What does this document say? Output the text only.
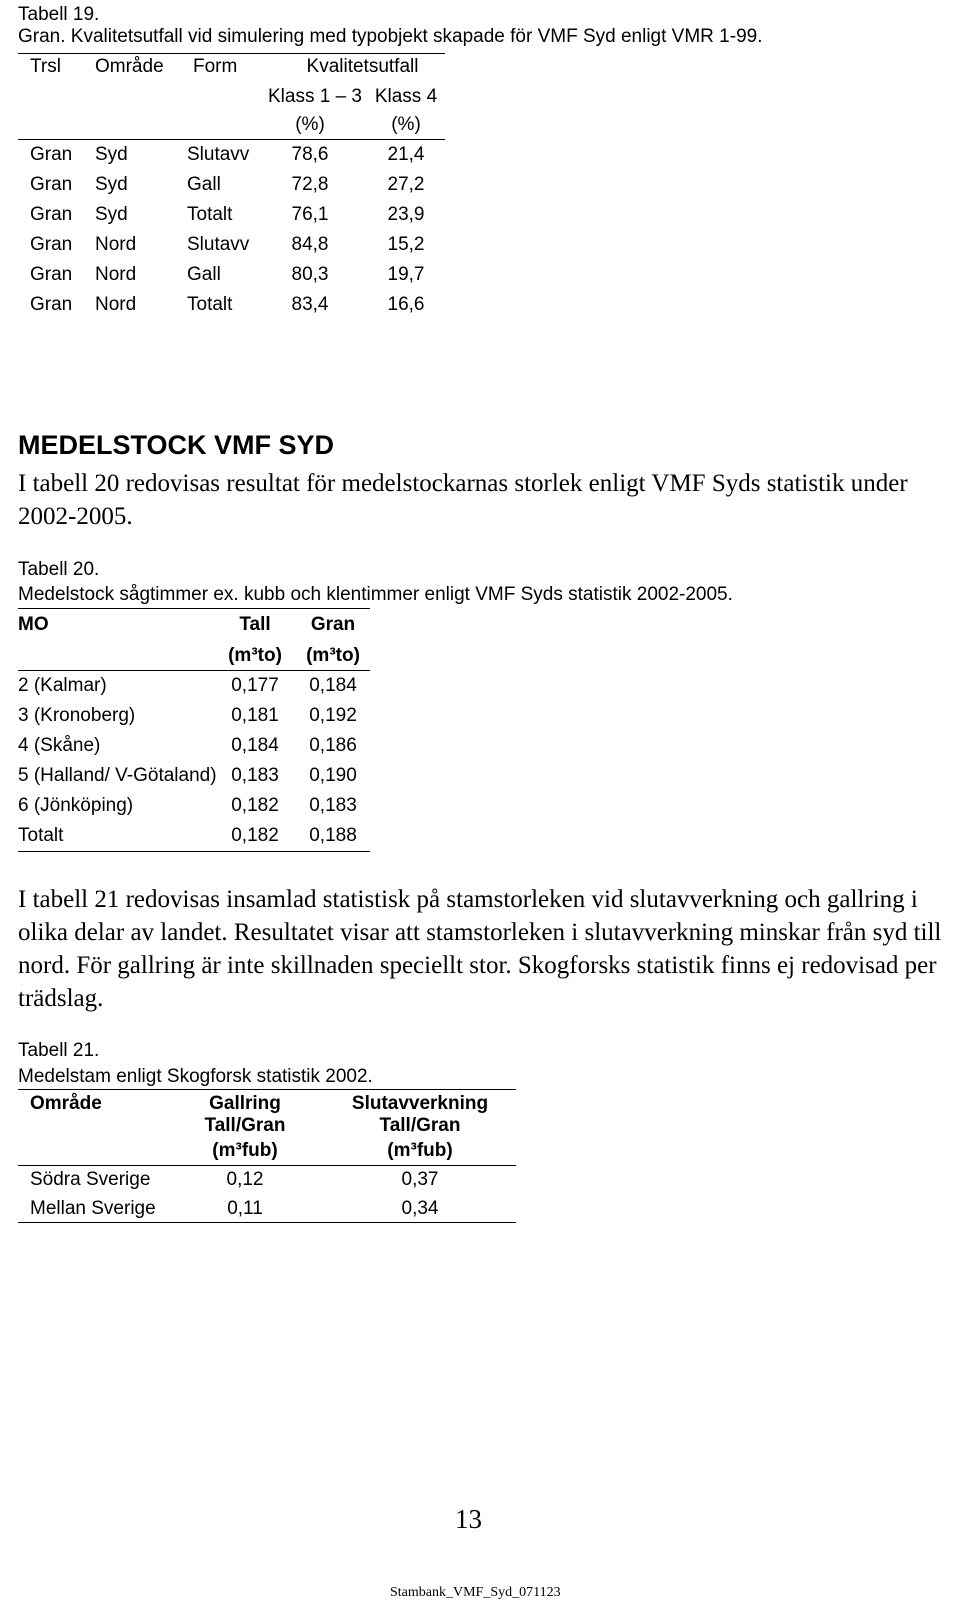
Tabell 19.
Gran. Kvalitetsutfall vid simulering med typobjekt skapade för VMF Syd enligt VMR 1-99.
Trsl Område Form	Kvalitetsutfall
Klass 1 – 3 Klass 4
(%)	(%)
Gran Syd	Slutavv	78,6	21,4
Gran Syd	Gall	72,8	27,2
Gran Syd	Totalt	76,1	23,9
Gran Nord	Slutavv	84,8	15,2
Gran Nord	Gall	80,3	19,7
Gran Nord	Totalt	83,4	16,6
MEDELSTOCK VMF SYD
I tabell 20 redovisas resultat för medelstockarnas storlek enligt VMF Syds statistik under 2002-2005.
Tabell 20.
Medelstock sågtimmer ex. kubb och klentimmer enligt VMF Syds statistik 2002-2005.
MO	Tall	Gran
(m³to)	(m³to)
2 (Kalmar)	0,177	0,184
3 (Kronoberg)	0,181	0,192
4 (Skåne)	0,184	0,186
5 (Halland/ V-Götaland) 0,183	0,190
6 (Jönköping)	0,182	0,183
Totalt	0,182	0,188
I tabell 21 redovisas insamlad statistisk på stamstorleken vid slutavverkning och gallring i olika delar av landet. Resultatet visar att stamstorleken i slutavverkning minskar från syd till nord. För gallring är inte skillnaden speciellt stor. Skogforsks statistik finns ej redovisad per trädslag.
Tabell 21.
Medelstam enligt Skogforsk statistik 2002.
Område	Gallring	Slutavverkning
Tall/Gran	Tall/Gran
(m³fub)	(m³fub)
Södra Sverige	0,12	0,37
Mellan Sverige	0,11	0,34
13
Stambank_VMF_Syd_071123
